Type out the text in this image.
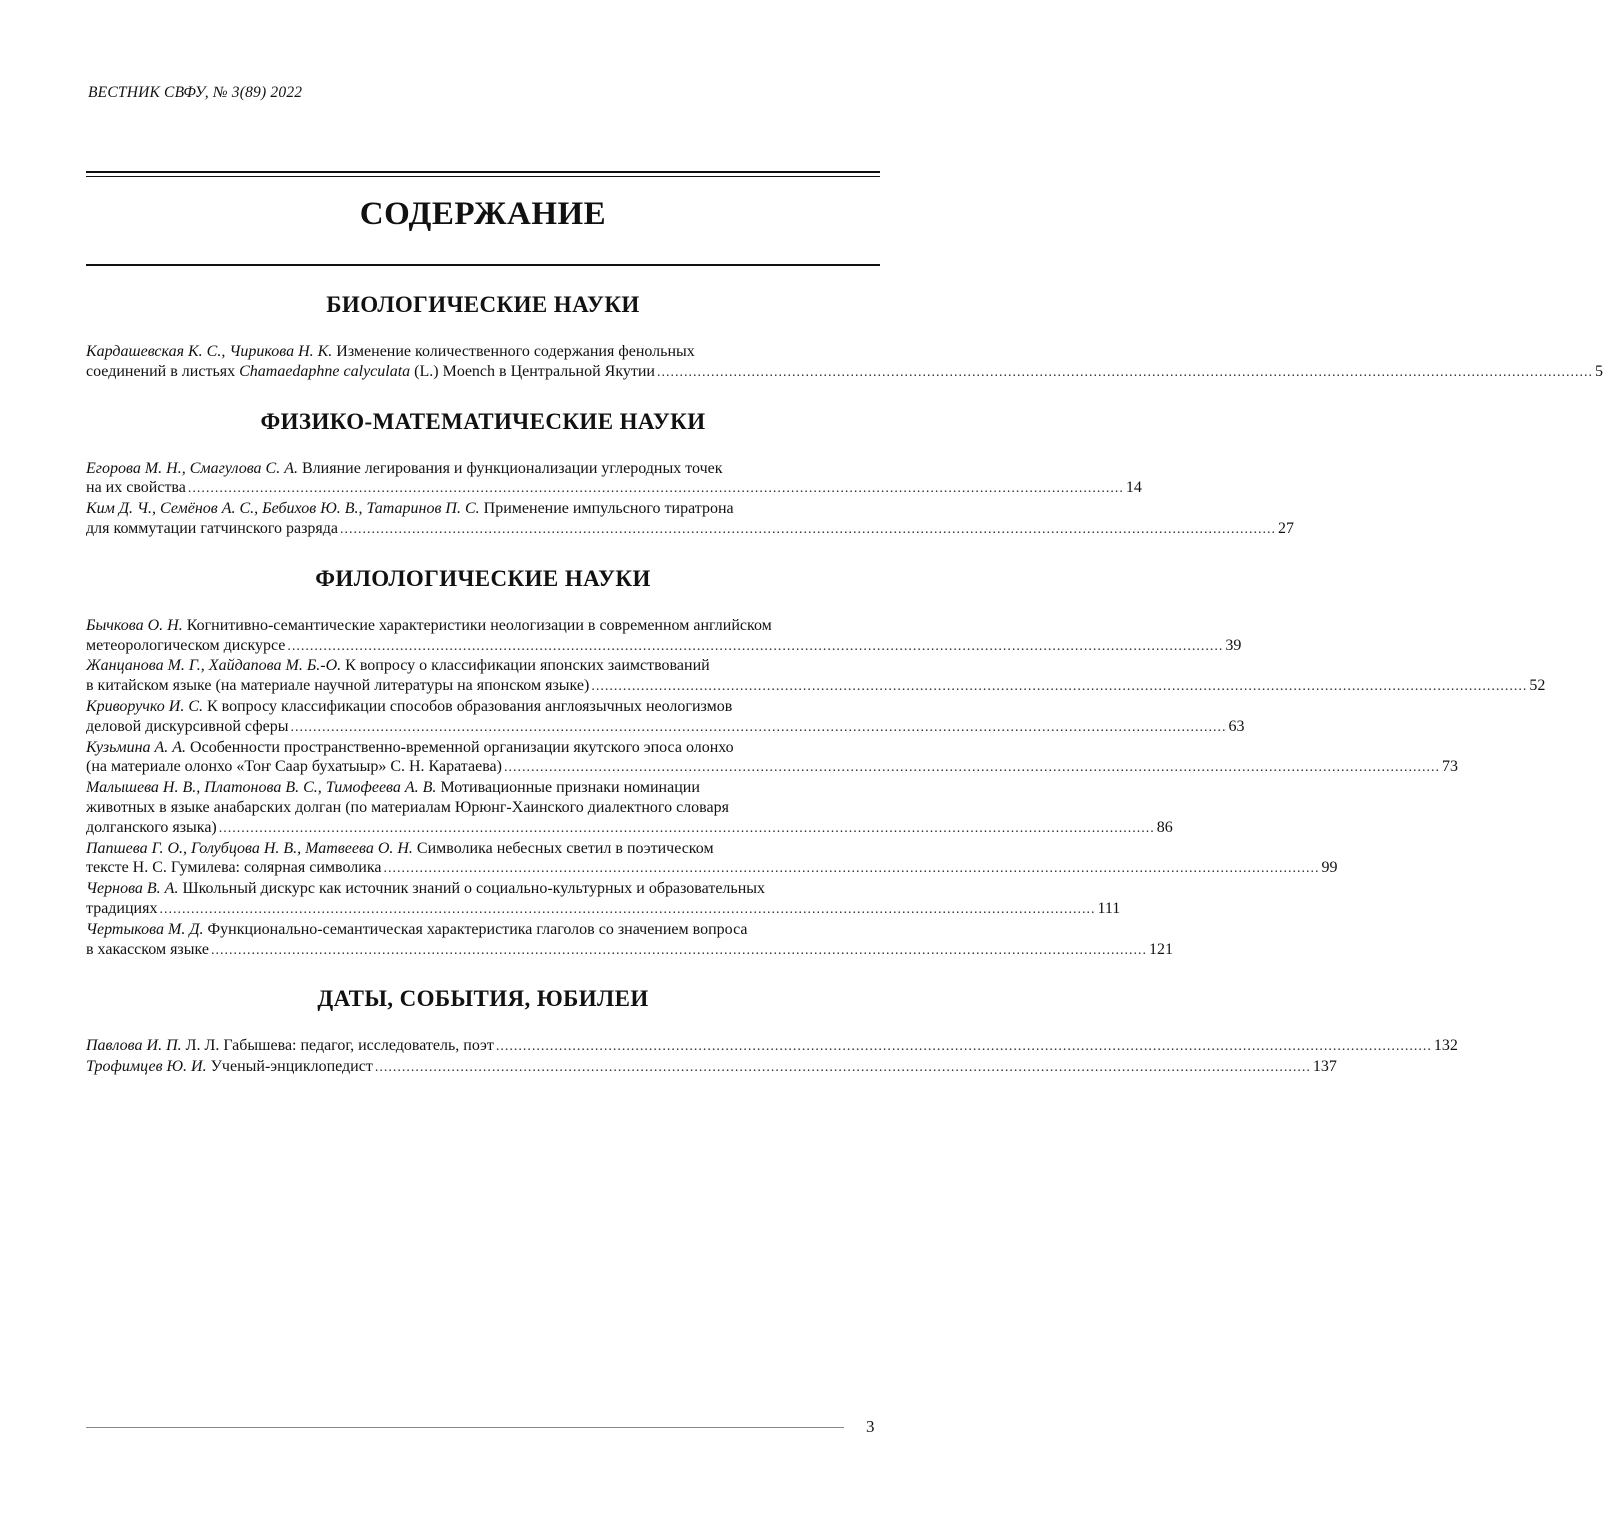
ВЕСТНИК СВФУ, № 3(89) 2022
СОДЕРЖАНИЕ
БИОЛОГИЧЕСКИЕ НАУКИ
Кардашевская К. С., Чирикова Н. К. Изменение количественного содержания фенольных
соединений в листьях Chamaedaphne calyculata (L.) Moench в Центральной Якутии ................................................................................................................................................................................................................ 5
ФИЗИКО-МАТЕМАТИЧЕСКИЕ НАУКИ
Егорова М. Н., Смагулова С. А. Влияние легирования и функционализации углеродных точек
на их свойства ................................................................................................................................................................................................................ 14
Ким Д. Ч., Семёнов А. С., Бебихов Ю. В., Татаринов П. С. Применение импульсного тиратрона
для коммутации гатчинского разряда ................................................................................................................................................................................................................ 27
ФИЛОЛОГИЧЕСКИЕ НАУКИ
Бычкова О. Н. Когнитивно-семантические характеристики неологизации в современном английском
метеорологическом дискурсе ................................................................................................................................................................................................................ 39
Жанцанова М. Г., Хайдапова М. Б.-О. К вопросу о классификации японских заимствований
в китайском языке (на материале научной литературы на японском языке) ................................................................................................................................................................................................................ 52
Криворучко И. С. К вопросу классификации способов образования англоязычных неологизмов
деловой дискурсивной сферы ................................................................................................................................................................................................................ 63
Кузьмина А. А. Особенности пространственно-временной организации якутского эпоса олонхо
(на материале олонхо «Тоҥ Саар бухатыыр» С. Н. Каратаева) ................................................................................................................................................................................................................ 73
Малышева Н. В., Платонова В. С., Тимофеева А. В. Мотивационные признаки номинации
животных в языке анабарских долган (по материалам Юрюнг-Хаинского диалектного словаря
долганского языка) ................................................................................................................................................................................................................ 86
Папшева Г. О., Голубцова Н. В., Матвеева О. Н. Символика небесных светил в поэтическом
тексте Н. С. Гумилева: солярная символика ................................................................................................................................................................................................................ 99
Чернова В. А. Школьный дискурс как источник знаний о социально-культурных и образовательных
традициях ................................................................................................................................................................................................................ 111
Чертыкова М. Д. Функционально-семантическая характеристика глаголов со значением вопроса
в хакасском языке ................................................................................................................................................................................................................ 121
ДАТЫ, СОБЫТИЯ, ЮБИЛЕИ
Павлова И. П. Л. Л. Габышева: педагог, исследователь, поэт ................................................................................................................................................................................................................ 132
Трофимцев Ю. И. Ученый-энциклопедист ................................................................................................................................................................................................................ 137
3
